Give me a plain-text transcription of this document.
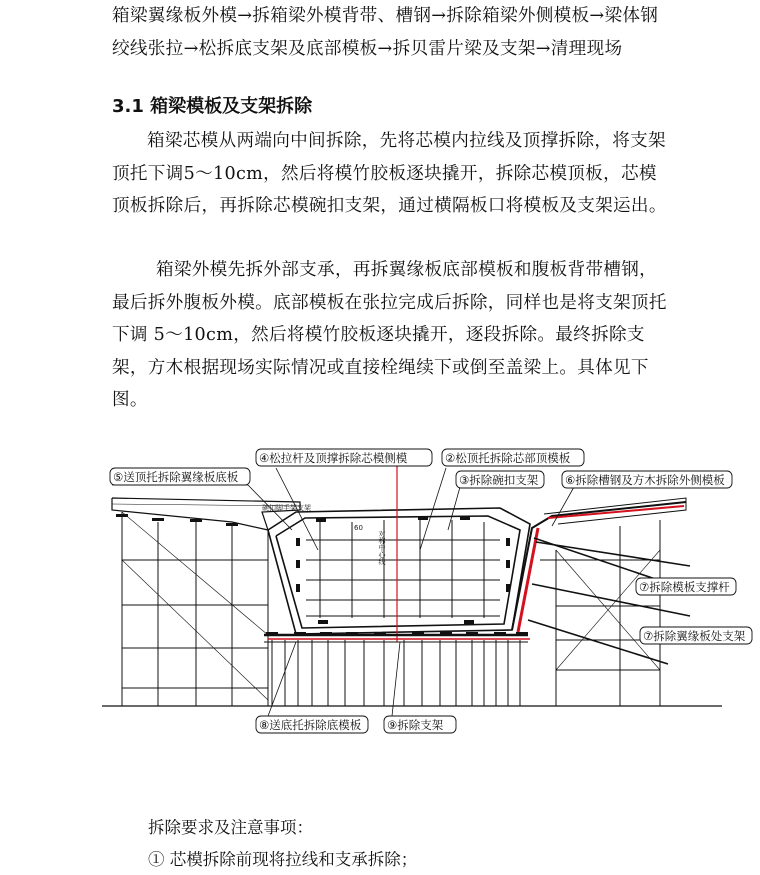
箱梁翼缘板外模→拆箱梁外模背带、槽钢→拆除箱梁外侧模板→梁体钢绞线张拉→松拆底支架及底部模板→拆贝雷片梁及支架→清理现场

3.1 箱梁模板及支架拆除

箱梁芯模从两端向中间拆除，先将芯模内拉线及顶撑拆除，将支架顶托下调5～10cm，然后将模竹胶板逐块撬开，拆除芯模顶板，芯模顶板拆除后，再拆除芯模碗扣支架，通过横隔板口将模板及支架运出。

箱梁外模先拆外部支承，再拆翼缘板底部模板和腹板背带槽钢，最后拆外腹板外模。底部模板在张拉完成后拆除，同样也是将支架顶托下调 5～10cm，然后将模竹胶板逐块撬开，逐段拆除。最终拆除支架，方木根据现场实际情况或直接栓绳续下或倒至盖梁上。具体见下图。

④松拉杆及顶撑拆除芯模侧模	②松顶托拆除芯部顶模板
⑤送顶托拆除翼缘板底板	③拆除碗扣支架 ⑥拆除槽钢及方木拆除外侧模板
⑦拆除模板支撑杆
⑦拆除翼缘板处支架
⑧送底托拆除底模板 ⑨拆除支架
60
碗扣脚手架支架
对称中心线

拆除要求及注意事项：

① 芯模拆除前现将拉线和支承拆除；
